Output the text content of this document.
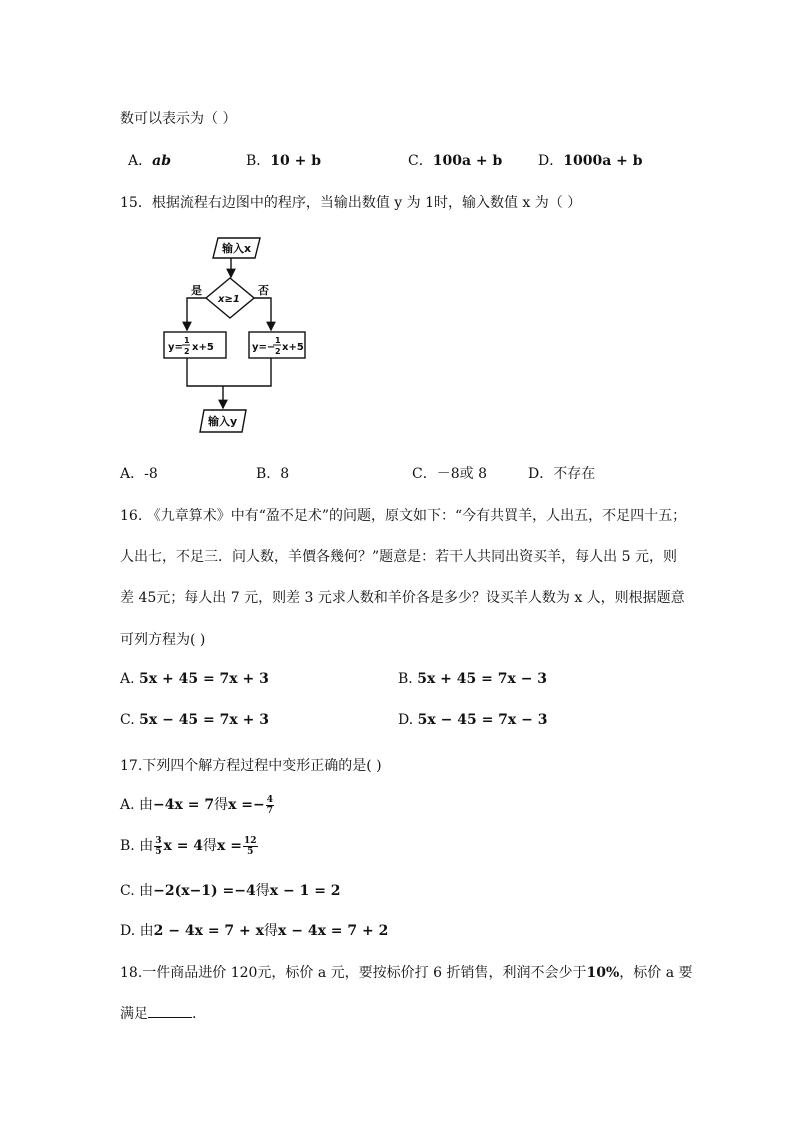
数可以表示为（ ）
A．ab	B．10 + b	C．100a + b	D．1000a + b
15．根据流程右边图中的程序，当输出数值 y 为 1时，输入数值 x 为（ ）
输入x
x≥1
是	否
y=
1
2 x+5	y=−
1
2 x+5
输入y
A．-8	B．8	C．－8或 8	D．不存在
16. 《九章算术》中有“盈不足术”的问题，原文如下：“今有共買羊，人出五，不足四十五；
人出七，不足三．问人数，羊價各幾何？”题意是：若干人共同出资买羊，每人出 5 元，则
差 45元；每人出 7 元，则差 3 元求人数和羊价各是多少？设买羊人数为 x 人，则根据题意
可列方程为( )
A. 5x + 45 = 7x + 3	B. 5x + 45 = 7x − 3
C. 5x − 45 = 7x + 3	D. 5x − 45 = 7x − 3
17.下列四个解方程过程中变形正确的是( )
A. 由−4x = 7得$x =- \frac{4}{7}$
B. 由 $\frac{3}{5}$ x = 4得$x = \frac{12}{5}$
C. 由−2(x−1) =−4得x − 1 = 2
D. 由2 − 4x = 7 + x得x − 4x = 7 + 2
18.一件商品进价 120元，标价 a 元，要按标价打 6 折销售，利润不会少于10%，标价 a 要
满足	.
